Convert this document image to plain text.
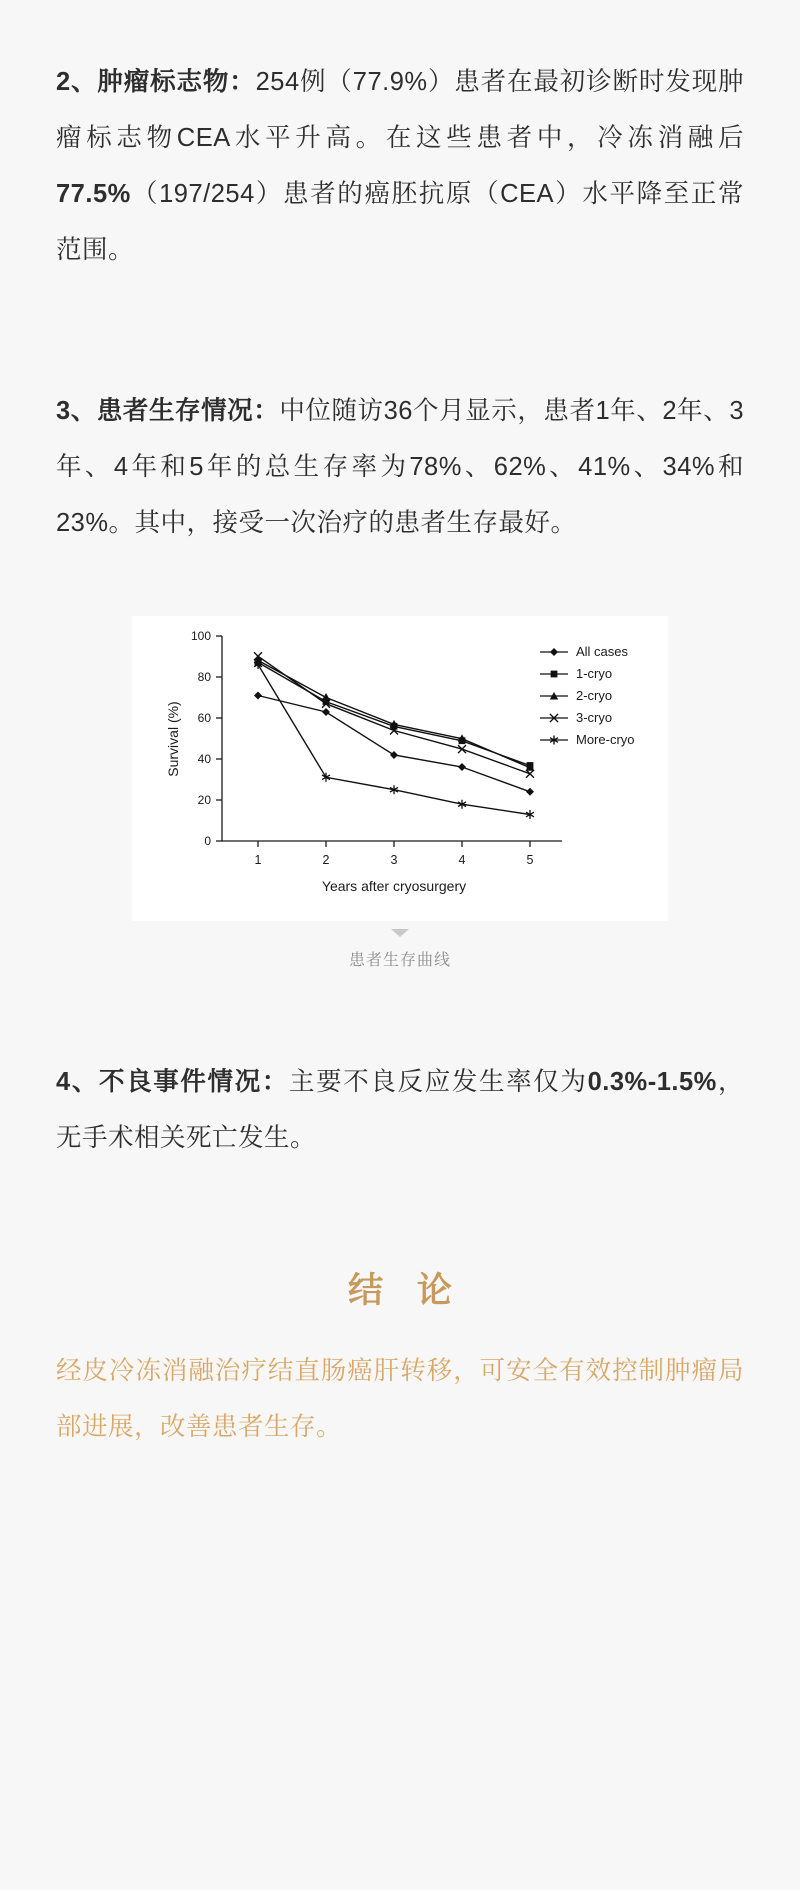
2、肿瘤标志物：254例（77.9%）患者在最初诊断时发现肿瘤标志物CEA水平升高。在这些患者中，冷冻消融后77.5%（197/254）患者的癌胚抗原（CEA）水平降至正常范围。

3、患者生存情况：中位随访36个月显示，患者1年、2年、3年、4年和5年的总生存率为78%、62%、41%、34%和23%。其中，接受一次治疗的患者生存最好。

0
20
40
60
80
100
1	2	3	4	5
Years after cryosurgery
Survival (%)
All cases
1-cryo
2-cryo
3-cryo
More-cryo
患者生存曲线

4、不良事件情况：主要不良反应发生率仅为0.3%-1.5%，无手术相关死亡发生。

结 论
经皮冷冻消融治疗结直肠癌肝转移，可安全有效控制肿瘤局部进展，改善患者生存。
